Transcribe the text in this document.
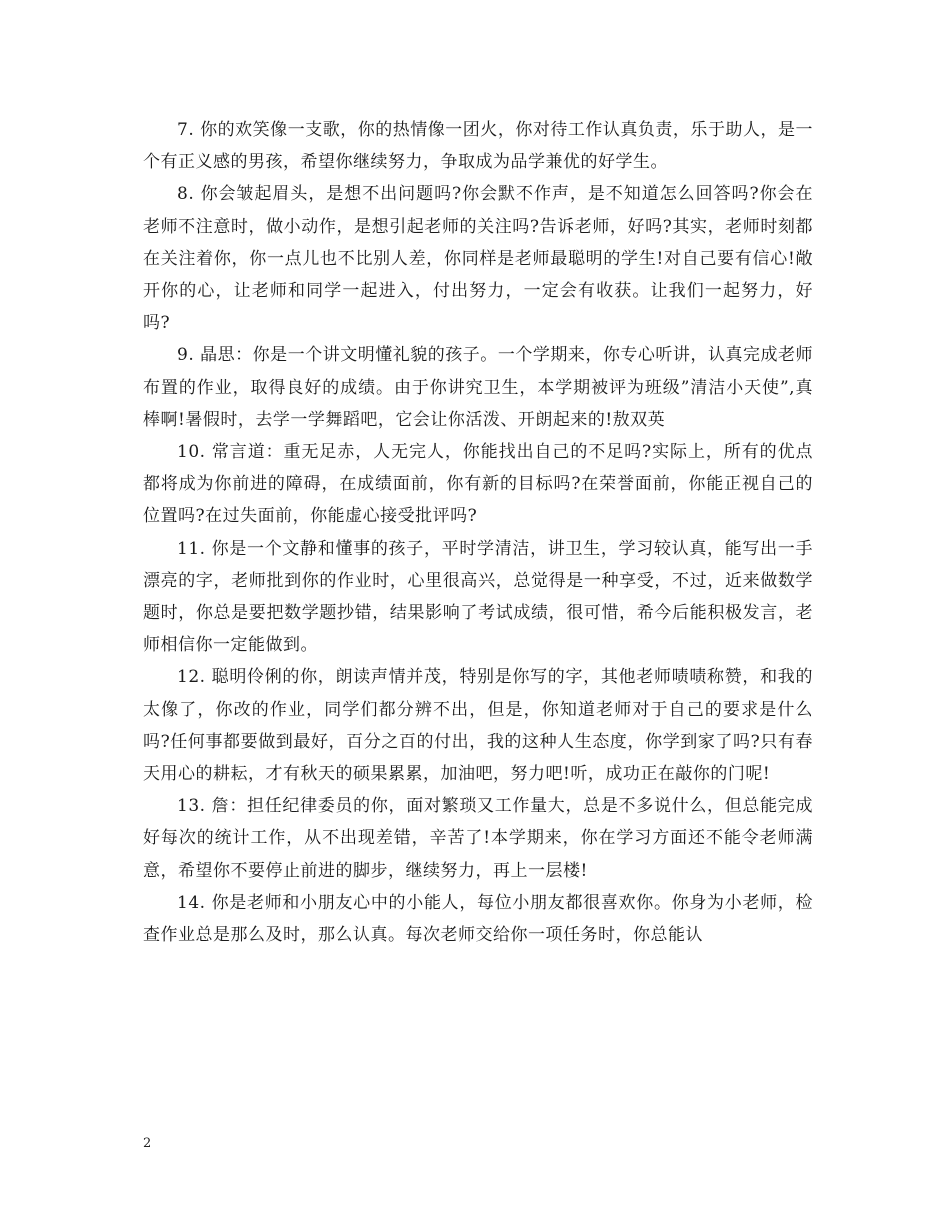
7. 你的欢笑像一支歌，你的热情像一团火，你对待工作认真负责，乐于助人，是一个有正义感的男孩，希望你继续努力，争取成为品学兼优的好学生。

8. 你会皱起眉头，是想不出问题吗?你会默不作声，是不知道怎么回答吗?你会在老师不注意时，做小动作，是想引起老师的关注吗?告诉老师，好吗?其实，老师时刻都在关注着你，你一点儿也不比别人差，你同样是老师最聪明的学生!对自己要有信心!敞开你的心，让老师和同学一起进入，付出努力，一定会有收获。让我们一起努力，好吗?

9. 晶思：你是一个讲文明懂礼貌的孩子。一个学期来，你专心听讲，认真完成老师布置的作业，取得良好的成绩。由于你讲究卫生，本学期被评为班级”清洁小天使”,真棒啊!暑假时，去学一学舞蹈吧，它会让你活泼、开朗起来的!敖双英

10. 常言道：重无足赤，人无完人，你能找出自己的不足吗?实际上，所有的优点都将成为你前进的障碍，在成绩面前，你有新的目标吗?在荣誉面前，你能正视自己的位置吗?在过失面前，你能虚心接受批评吗?

11. 你是一个文静和懂事的孩子，平时学清洁，讲卫生，学习较认真，能写出一手漂亮的字，老师批到你的作业时，心里很高兴，总觉得是一种享受，不过，近来做数学题时，你总是要把数学题抄错，结果影响了考试成绩，很可惜，希今后能积极发言，老师相信你一定能做到。

12. 聪明伶俐的你，朗读声情并茂，特别是你写的字，其他老师啧啧称赞，和我的太像了，你改的作业，同学们都分辨不出，但是，你知道老师对于自己的要求是什么吗?任何事都要做到最好，百分之百的付出，我的这种人生态度，你学到家了吗?只有春天用心的耕耘，才有秋天的硕果累累，加油吧，努力吧!听，成功正在敲你的门呢!

13. 詹：担任纪律委员的你，面对繁琐又工作量大，总是不多说什么，但总能完成好每次的统计工作，从不出现差错，辛苦了!本学期来，你在学习方面还不能令老师满意，希望你不要停止前进的脚步，继续努力，再上一层楼!

14. 你是老师和小朋友心中的小能人，每位小朋友都很喜欢你。你身为小老师，检查作业总是那么及时，那么认真。每次老师交给你一项任务时，你总能认

2
